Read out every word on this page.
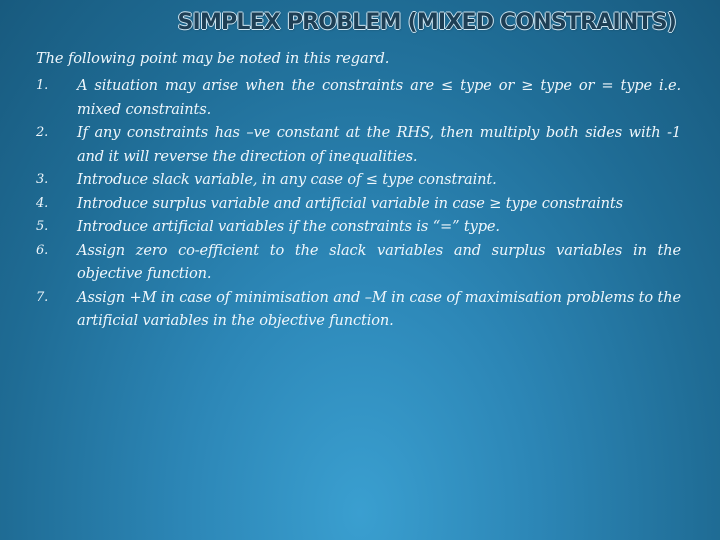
SIMPLEX PROBLEM (MIXED CONSTRAINTS)
The following point may be noted in this regard.
1.	A situation may arise when the constraints are ≤ type or ≥ type or = type i.e. mixed constraints.
2.	If any constraints has –ve constant at the RHS, then multiply both sides with -1 and it will reverse the direction of inequalities.
3.	Introduce slack variable, in any case of ≤ type constraint.
4.	Introduce surplus variable and artificial variable in case ≥ type constraints
5.	Introduce artificial variables if the constraints is “=” type.
6.	Assign zero co-efficient to the slack variables and surplus variables in the objective function.
7.	Assign +M in case of minimisation and –M in case of maximisation problems to the artificial variables in the objective function.
